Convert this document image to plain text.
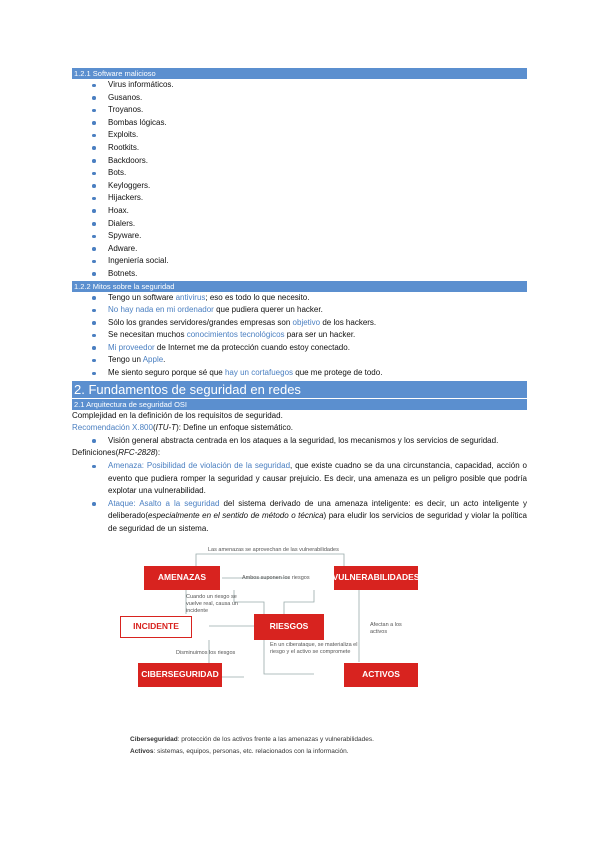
1.2.1 Software malicioso
Virus informáticos.
Gusanos.
Troyanos.
Bombas lógicas.
Exploits.
Rootkits.
Backdoors.
Bots.
Keyloggers.
Hijackers.
Hoax.
Dialers.
Spyware.
Adware.
Ingeniería social.
Botnets.
1.2.2 Mitos sobre la seguridad
Tengo un software antivirus; eso es todo lo que necesito.
No hay nada en mi ordenador que pudiera querer un hacker.
Sólo los grandes servidores/grandes empresas son objetivo de los hackers.
Se necesitan muchos conocimientos tecnológicos para ser un hacker.
Mi proveedor de Internet me da protección cuando estoy conectado.
Tengo un Apple.
Me siento seguro porque sé que hay un cortafuegos que me protege de todo.
2. Fundamentos de seguridad en redes
2.1 Arquitectura de seguridad OSI

Complejidad en la definición de los requisitos de seguridad.

Recomendación X.800(ITU-T): Define un enfoque sistemático.

Visión general abstracta centrada en los ataques a la seguridad, los mecanismos y los servicios de seguridad.

Definiciones(RFC-2828):

Amenaza: Posibilidad de violación de la seguridad, que existe cuadno se da una circunstancia, capacidad, acción o evento que pudiera romper la seguridad y causar prejuicio. Es decir, una amenaza es un peligro posible que podría explotar una vulnerabilidad.
Ataque: Asalto a la seguridad del sistema derivado de una amenaza inteligente: es decir, un acto inteligente y deliberado(especialmente en el sentido de método o técnica) para eludir los servicios de seguridad y violar la política de seguridad de un sistema.
Las amenazas se aprovechan de las vulnerabilidades
AMENAZAS	Ambos suponen los riesgos	VULNERABILIDADES
Cuando un riesgo se vuelve real, causa un incidente
INCIDENTE	RIESGOS	Afectan a los activos
Disminuimos los riesgos
En un ciberataque, se materializa el riesgo y el activo se compromete
CIBERSEGURIDAD	ACTIVOS
Ciberseguridad: protección de los activos frente a las amenazas y vulnerabilidades.
Activos: sistemas, equipos, personas, etc. relacionados con la información.
